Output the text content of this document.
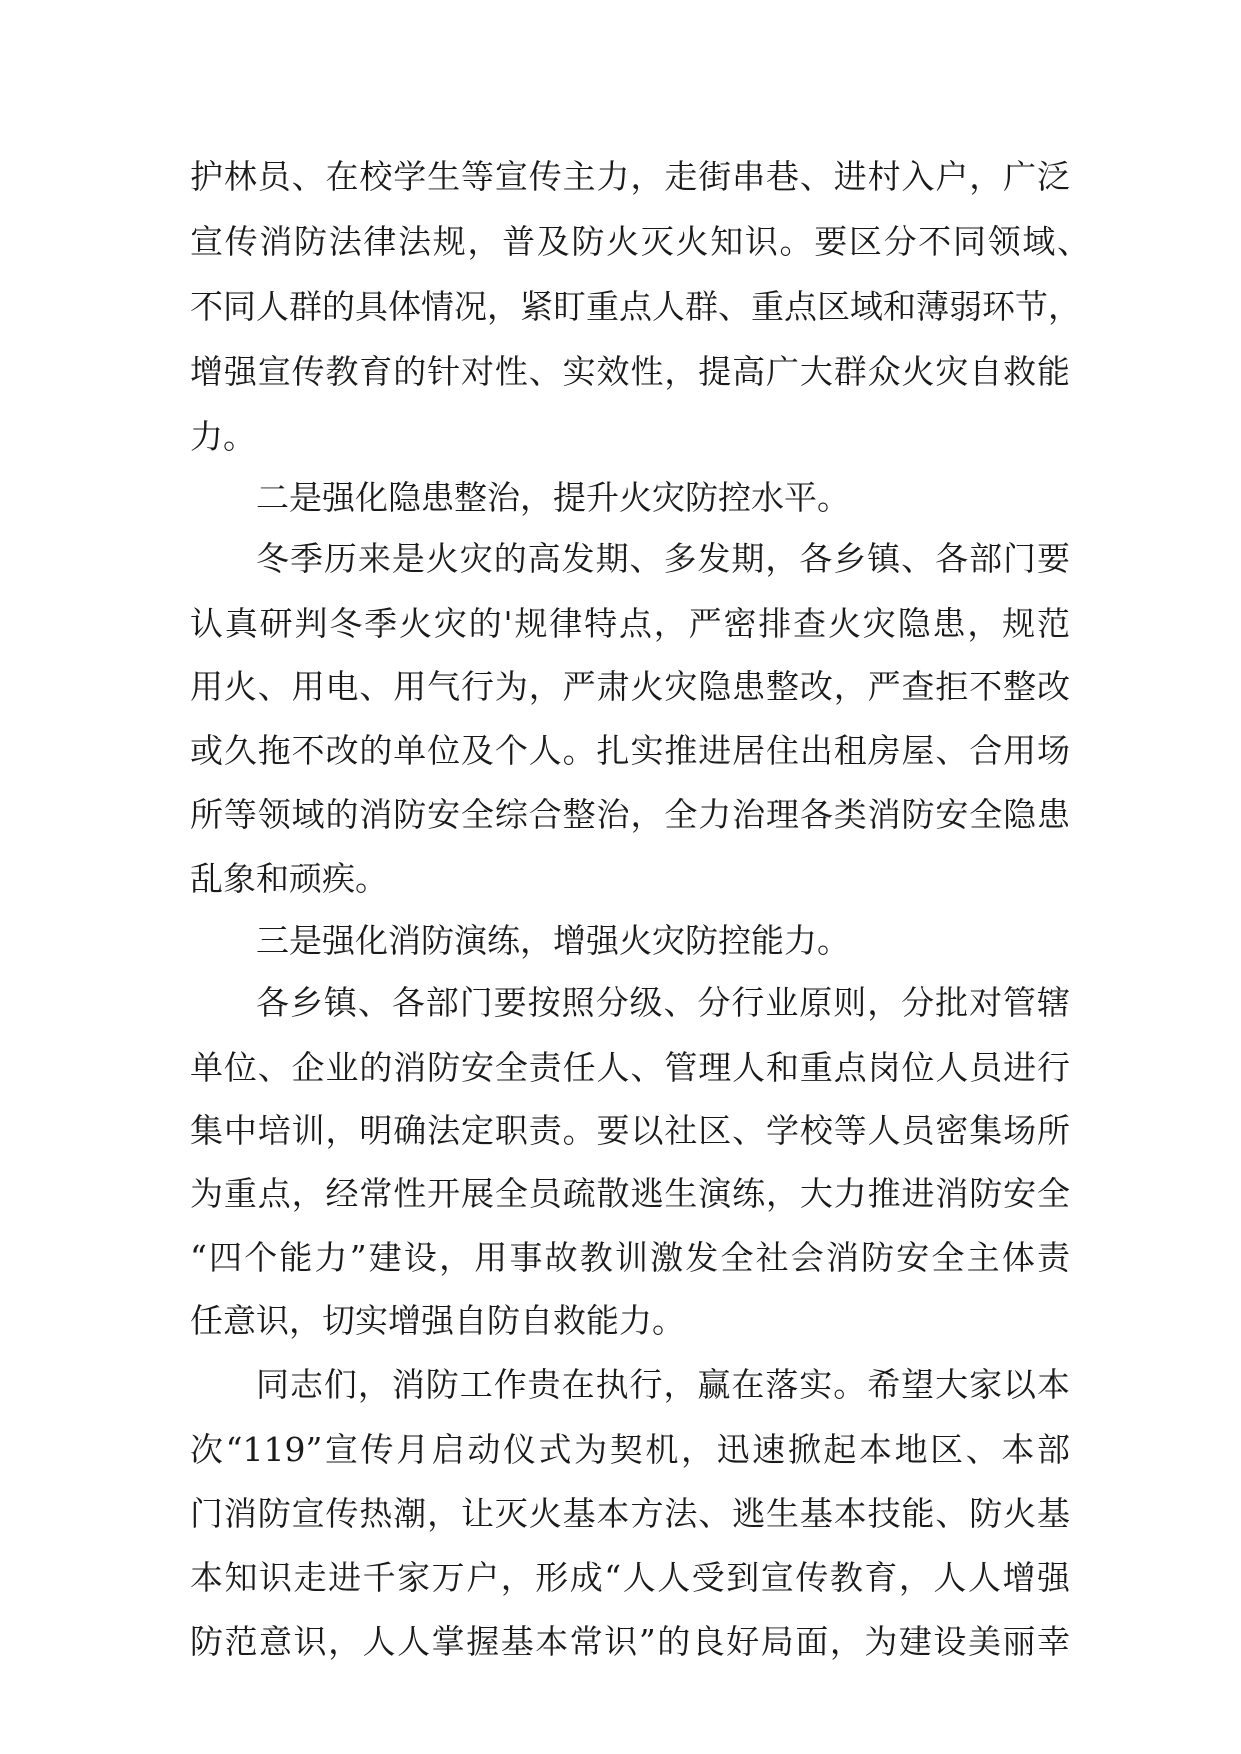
护林员、在校学生等宣传主力，走街串巷、进村入户，广泛
宣传消防法律法规，普及防火灭火知识。要区分不同领域、
不同人群的具体情况，紧盯重点人群、重点区域和薄弱环节，
增强宣传教育的针对性、实效性，提高广大群众火灾自救能
力。
二是强化隐患整治，提升火灾防控水平。
冬季历来是火灾的高发期、多发期，各乡镇、各部门要
认真研判冬季火灾的'规律特点，严密排查火灾隐患，规范
用火、用电、用气行为，严肃火灾隐患整改，严查拒不整改
或久拖不改的单位及个人。扎实推进居住出租房屋、合用场
所等领域的消防安全综合整治，全力治理各类消防安全隐患
乱象和顽疾。
三是强化消防演练，增强火灾防控能力。
各乡镇、各部门要按照分级、分行业原则，分批对管辖
单位、企业的消防安全责任人、管理人和重点岗位人员进行
集中培训，明确法定职责。要以社区、学校等人员密集场所
为重点，经常性开展全员疏散逃生演练，大力推进消防安全
“四个能力”建设，用事故教训激发全社会消防安全主体责
任意识，切实增强自防自救能力。
同志们，消防工作贵在执行，赢在落实。希望大家以本
次“119”宣传月启动仪式为契机，迅速掀起本地区、本部
门消防宣传热潮，让灭火基本方法、逃生基本技能、防火基
本知识走进千家万户，形成“人人受到宣传教育，人人增强
防范意识，人人掌握基本常识”的良好局面，为建设美丽幸
